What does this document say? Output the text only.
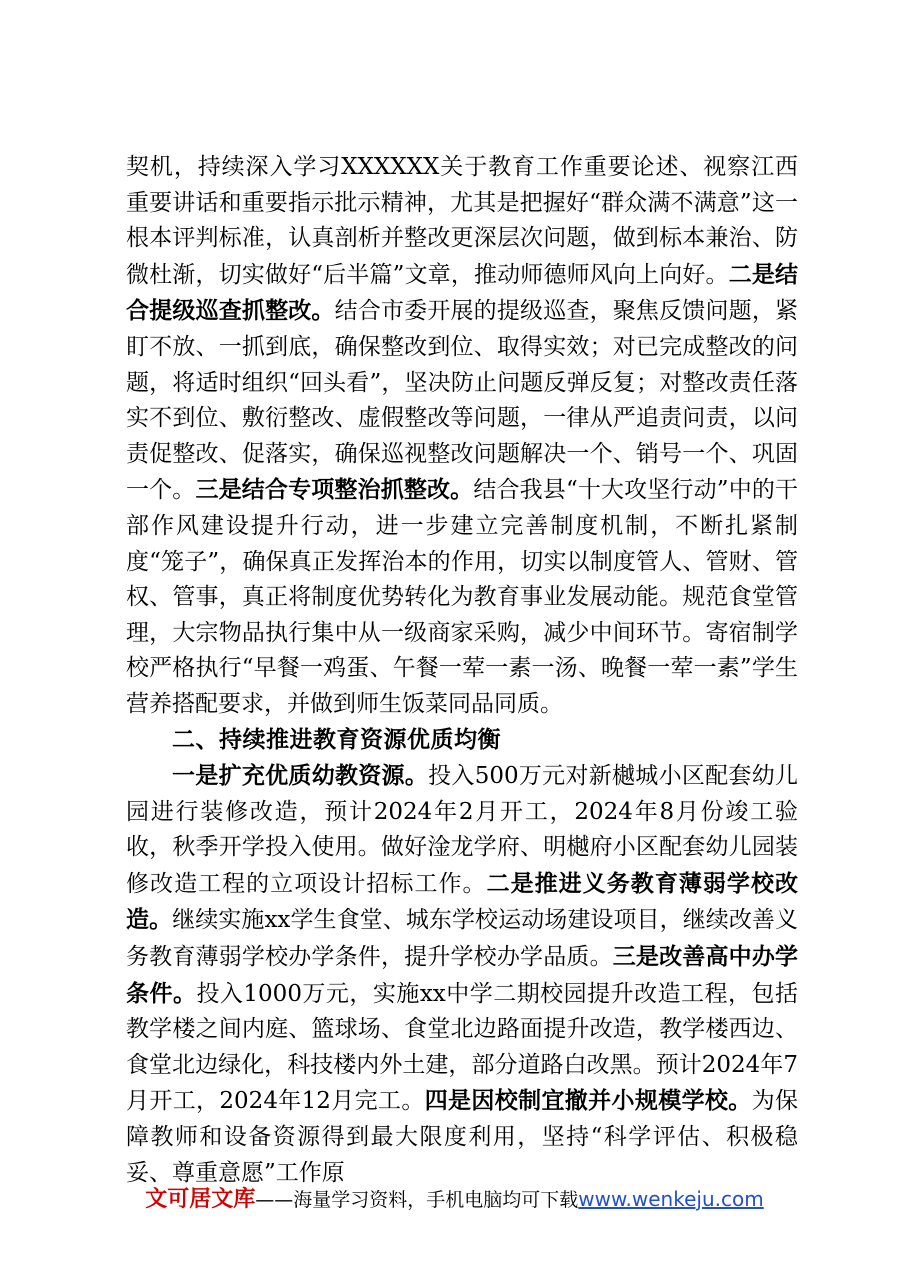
契机，持续深入学习XXXXXX关于教育工作重要论述、视察江西重要讲话和重要指示批示精神，尤其是把握好“群众满不满意”这一根本评判标准，认真剖析并整改更深层次问题，做到标本兼治、防微杜渐，切实做好“后半篇”文章，推动师德师风向上向好。二是结合提级巡查抓整改。结合市委开展的提级巡查，聚焦反馈问题，紧盯不放、一抓到底，确保整改到位、取得实效；对已完成整改的问题，将适时组织“回头看”，坚决防止问题反弹反复；对整改责任落实不到位、敷衍整改、虚假整改等问题，一律从严追责问责，以问责促整改、促落实，确保巡视整改问题解决一个、销号一个、巩固一个。三是结合专项整治抓整改。结合我县“十大攻坚行动”中的干部作风建设提升行动，进一步建立完善制度机制，不断扎紧制度“笼子”，确保真正发挥治本的作用，切实以制度管人、管财、管权、管事，真正将制度优势转化为教育事业发展动能。规范食堂管理，大宗物品执行集中从一级商家采购，减少中间环节。寄宿制学校严格执行“早餐一鸡蛋、午餐一荤一素一汤、晚餐一荤一素”学生营养搭配要求，并做到师生饭菜同品同质。

二、持续推进教育资源优质均衡

一是扩充优质幼教资源。投入500万元对新樾城小区配套幼儿园进行装修改造，预计2024年2月开工，2024年8月份竣工验收，秋季开学投入使用。做好淦龙学府、明樾府小区配套幼儿园装修改造工程的立项设计招标工作。二是推进义务教育薄弱学校改造。继续实施xx学生食堂、城东学校运动场建设项目，继续改善义务教育薄弱学校办学条件，提升学校办学品质。三是改善高中办学条件。投入1000万元，实施xx中学二期校园提升改造工程，包括教学楼之间内庭、篮球场、食堂北边路面提升改造，教学楼西边、食堂北边绿化，科技楼内外土建，部分道路白改黑。预计2024年7月开工，2024年12月完工。四是因校制宜撤并小规模学校。为保障教师和设备资源得到最大限度利用，坚持“科学评估、积极稳妥、尊重意愿”工作原

文可居文库——海量学习资料，手机电脑均可下载www.wenkeju.com
